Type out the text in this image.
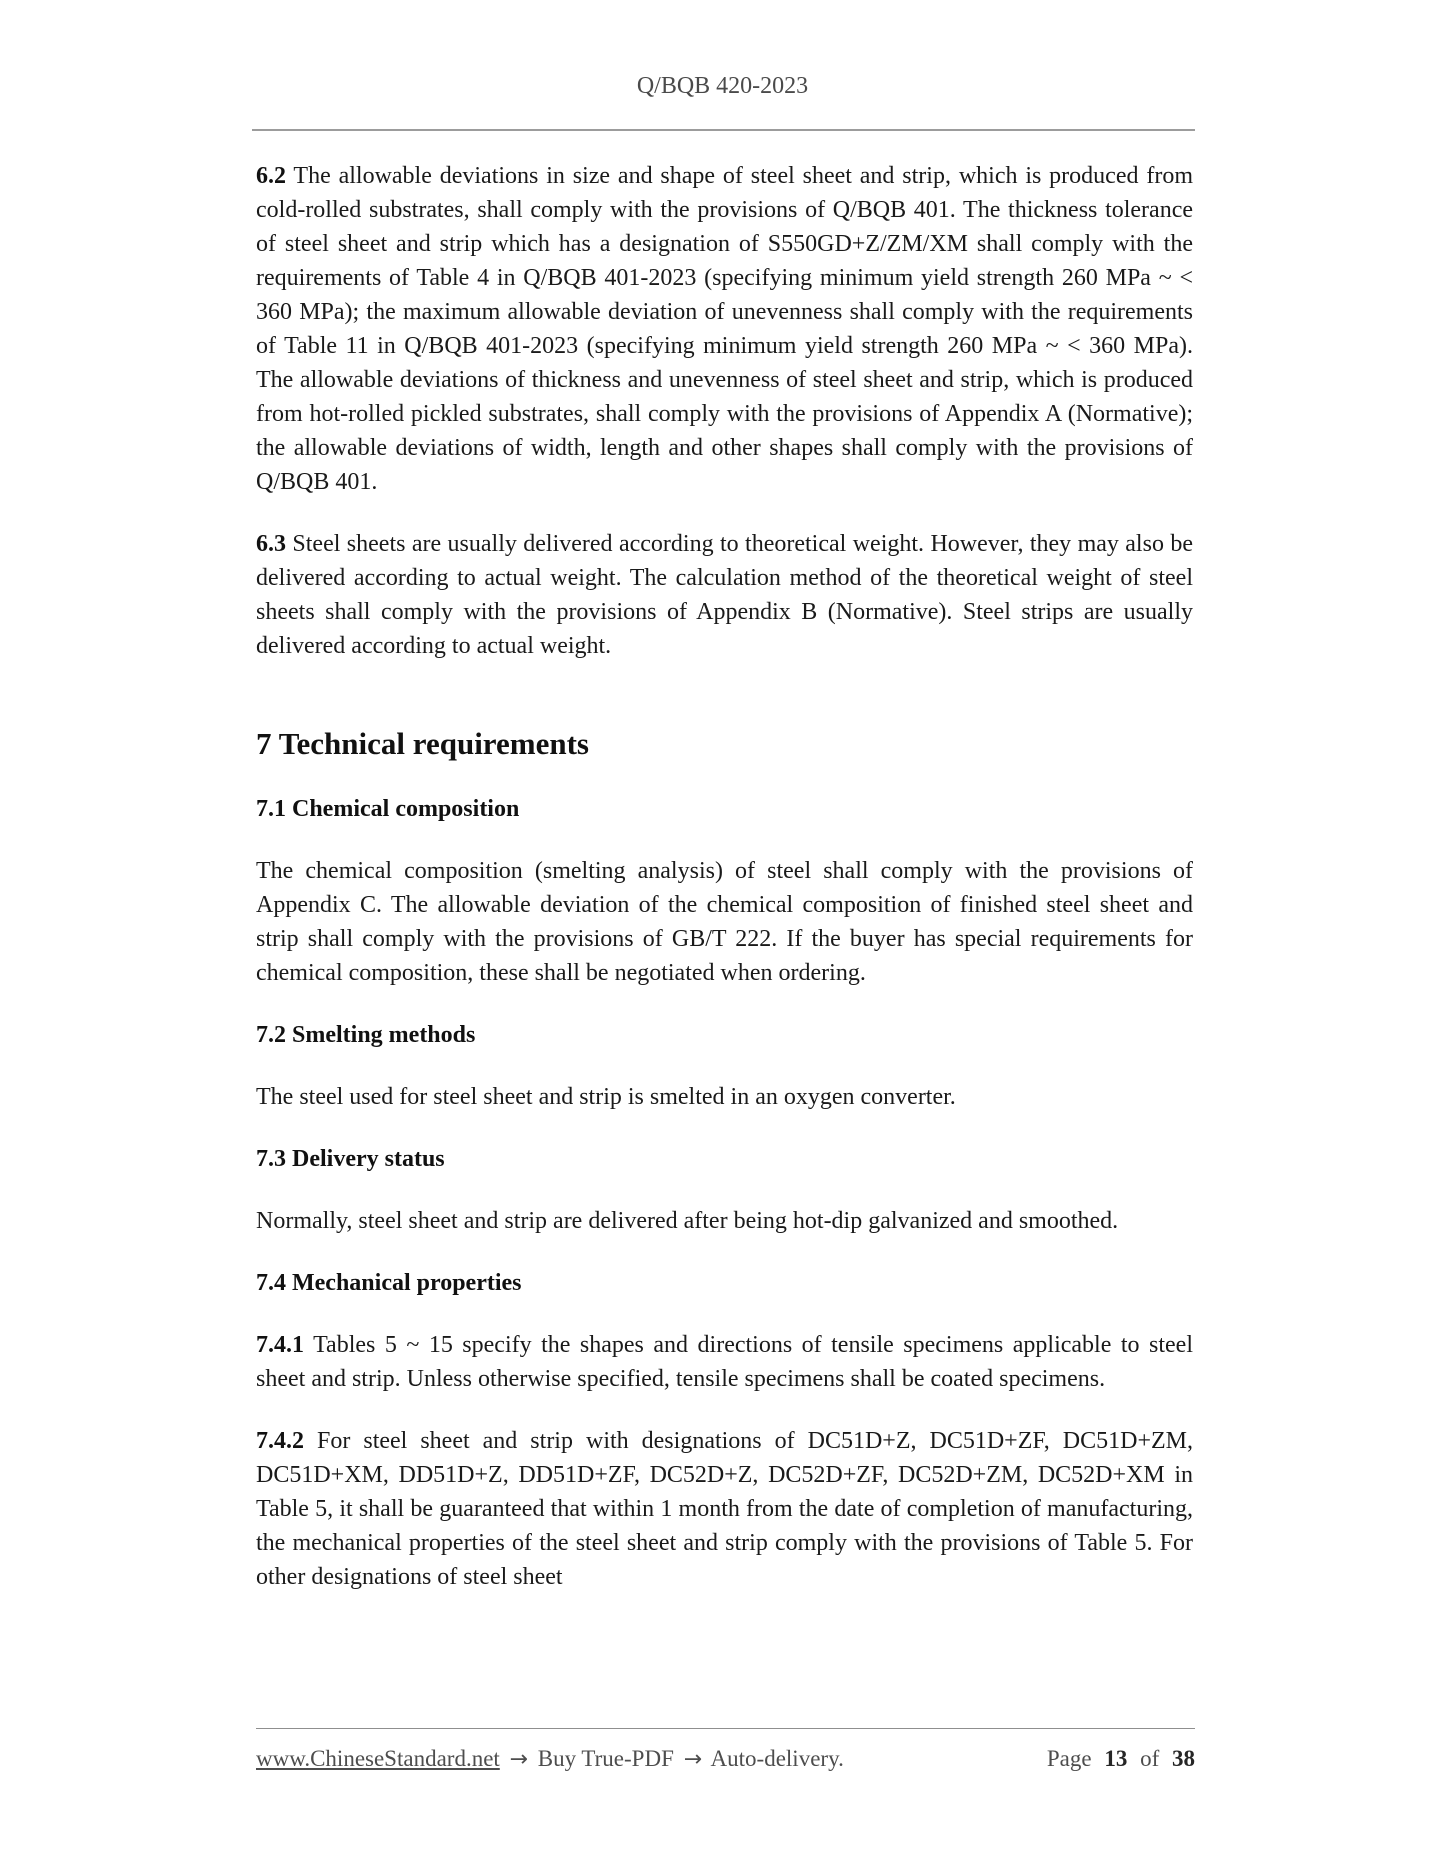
Q/BQB 420-2023

6.2 The allowable deviations in size and shape of steel sheet and strip, which is produced from cold-rolled substrates, shall comply with the provisions of Q/BQB 401. The thickness tolerance of steel sheet and strip which has a designation of S550GD+Z/ZM/XM shall comply with the requirements of Table 4 in Q/BQB 401-2023 (specifying minimum yield strength 260 MPa ~ < 360 MPa); the maximum allowable deviation of unevenness shall comply with the requirements of Table 11 in Q/BQB 401-2023 (specifying minimum yield strength 260 MPa ~ < 360 MPa). The allowable deviations of thickness and unevenness of steel sheet and strip, which is produced from hot-rolled pickled substrates, shall comply with the provisions of Appendix A (Normative); the allowable deviations of width, length and other shapes shall comply with the provisions of Q/BQB 401.

6.3 Steel sheets are usually delivered according to theoretical weight. However, they may also be delivered according to actual weight. The calculation method of the theoretical weight of steel sheets shall comply with the provisions of Appendix B (Normative). Steel strips are usually delivered according to actual weight.

7 Technical requirements
7.1 Chemical composition

The chemical composition (smelting analysis) of steel shall comply with the provisions of Appendix C. The allowable deviation of the chemical composition of finished steel sheet and strip shall comply with the provisions of GB/T 222. If the buyer has special requirements for chemical composition, these shall be negotiated when ordering.

7.2 Smelting methods

The steel used for steel sheet and strip is smelted in an oxygen converter.

7.3 Delivery status

Normally, steel sheet and strip are delivered after being hot-dip galvanized and smoothed.

7.4 Mechanical properties

7.4.1 Tables 5 ~ 15 specify the shapes and directions of tensile specimens applicable to steel sheet and strip. Unless otherwise specified, tensile specimens shall be coated specimens.

7.4.2 For steel sheet and strip with designations of DC51D+Z, DC51D+ZF, DC51D+ZM, DC51D+XM, DD51D+Z, DD51D+ZF, DC52D+Z, DC52D+ZF, DC52D+ZM, DC52D+XM in Table 5, it shall be guaranteed that within 1 month from the date of completion of manufacturing, the mechanical properties of the steel sheet and strip comply with the provisions of Table 5. For other designations of steel sheet

www.ChineseStandard.net → Buy True-PDF → Auto-delivery.	Page 13 of 38
